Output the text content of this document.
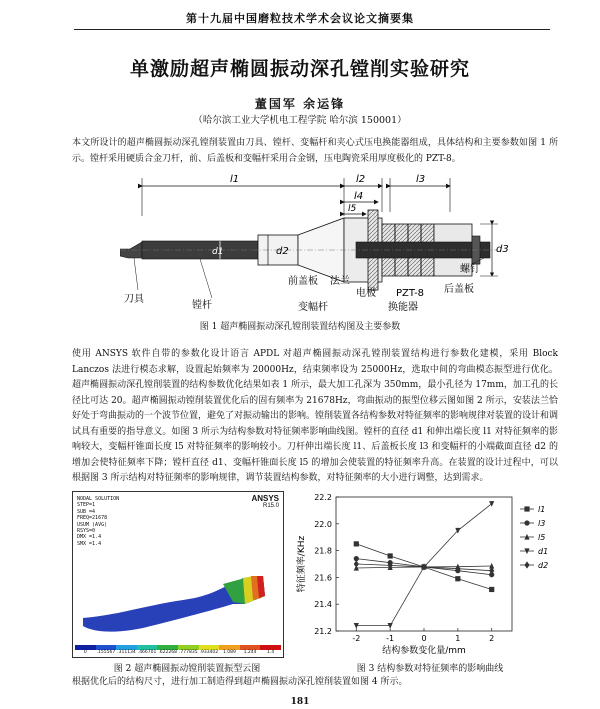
第十九届中国磨粒技术学术会议论文摘要集
单激励超声椭圆振动深孔镗削实验研究
董国军 余运锋
（哈尔滨工业大学机电工程学院 哈尔滨 150001）
本文所设计的超声椭圆振动深孔镗削装置由刀具、镗杆、变幅杆和夹心式压电换能器组成，具体结构和主要参数如图 1 所示。镗杆采用硬质合金刀杆，前、后盖板和变幅杆采用合金钢，压电陶瓷采用厚度极化的 PZT-8。
l1	l2	l3
l4
l5
d1	d2	d3
螺钉
刀具
镗杆
前盖板 法兰
电极 PZT-8 后盖板
变幅杆	换能器
图 1 超声椭圆振动深孔镗削装置结构图及主要参数
使用 ANSYS 软件自带的参数化设计语言 APDL 对超声椭圆振动深孔镗削装置结构进行参数化建模，采用 Block Lanczos 法进行模态求解，设置起始频率为 20000Hz，结束频率设为 25000Hz，选取中间的弯曲模态振型进行优化。超声椭圆振动深孔镗削装置的结构参数优化结果如表 1 所示，最大加工孔深为 350mm，最小孔径为 17mm，加工孔的长径比可达 20。超声椭圆振动镗削装置优化后的固有频率为 21678Hz，弯曲振动的振型位移云图如图 2 所示，安装法兰恰好处于弯曲振动的一个波节位置，避免了对振动输出的影响。镗削装置各结构参数对特征频率的影响规律对装置的设计和调试具有重要的指导意义。如图 3 所示为结构参数对特征频率影响曲线图。镗杆的直径 d1 和伸出端长度 l1 对特征频率的影响较大，变幅杆锥面长度 l5 对特征频率的影响较小。刀杆伸出端长度 l1、后盖板长度 l3 和变幅杆的小端截面直径 d2 的增加会使特征频率下降；镗杆直径 d1、变幅杆锥面长度 l5 的增加会使装置的特征频率升高。在装置的设计过程中，可以根据图 3 所示结构对特征频率的影响规律，调节装置结构参数，对特征频率的大小进行调整，达到需求。
ANSYS
R15.0
NODAL SOLUTION
STEP=1
SUB =4
FREQ=21678
USUM (AVG)
RSYS=0
DMX =1.4
SMX =1.4
0	.155567 .311134 .466701 .622268 .777835 .933402	1.089	1.244	1.4
21.2
21.4
21.6
21.8
22.0
22.2
-2	-1	0	1	2
结构参数变化量/mm
特征频率/KHz
l1
l3
l5
d1
d2
图 2 超声椭圆振动镗削装置振型云图	图 3 结构参数对特征频率的影响曲线
根据优化后的结构尺寸，进行加工制造得到超声椭圆振动深孔镗削装置如图 4 所示。
181
